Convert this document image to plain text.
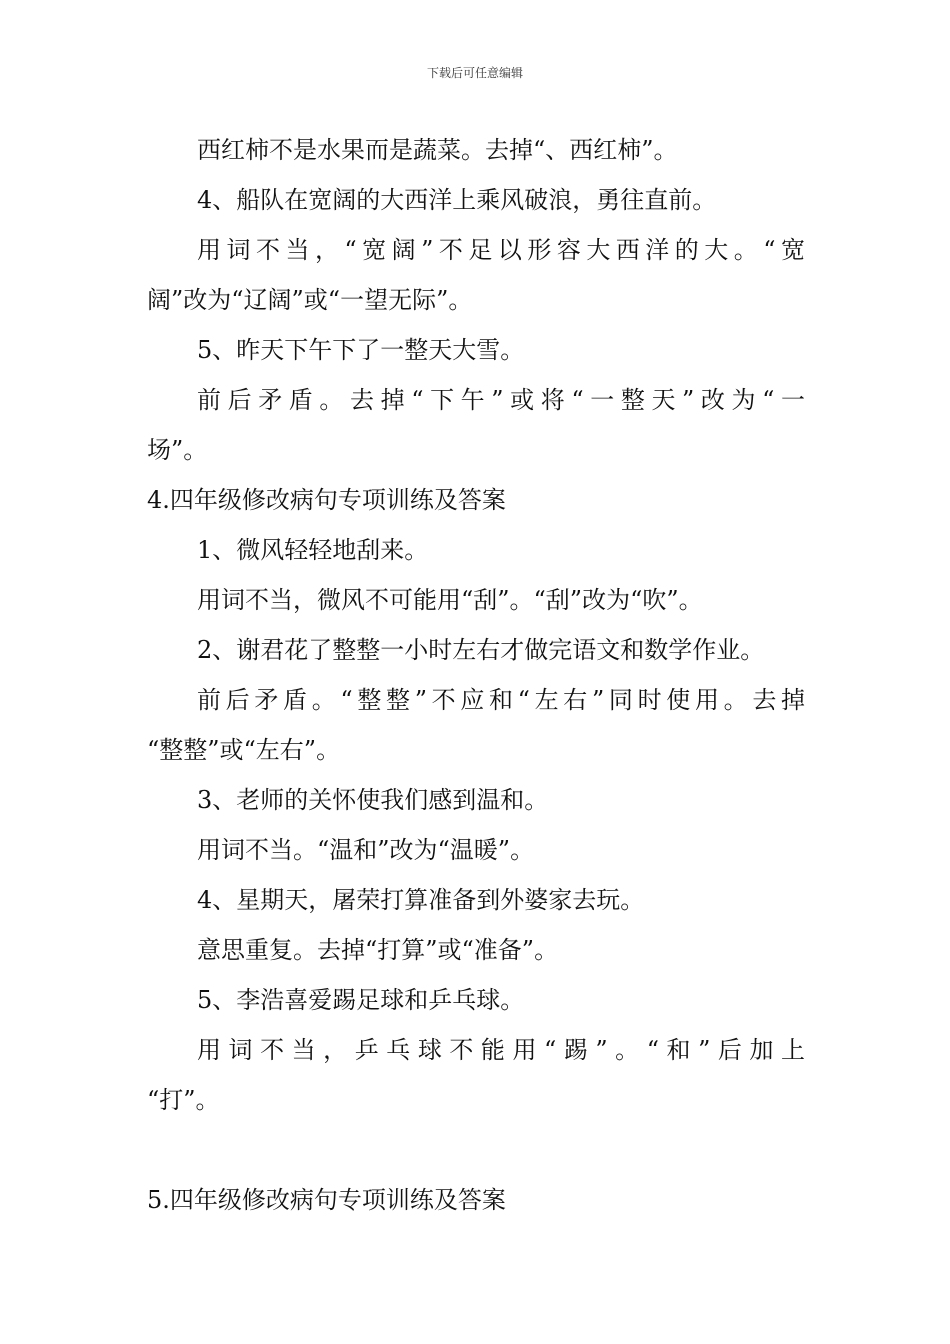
下载后可任意编辑
西红柿不是水果而是蔬菜。去掉“、西红柿”。
4、船队在宽阔的大西洋上乘风破浪，勇往直前。
用词不当，“宽阔”不足以形容大西洋的大。“宽
阔”改为“辽阔”或“一望无际”。
5、昨天下午下了一整天大雪。
前后矛盾。去掉“下午”或将“一整天”改为“一
场”。
4.四年级修改病句专项训练及答案
1、微风轻轻地刮来。
用词不当，微风不可能用“刮”。“刮”改为“吹”。
2、谢君花了整整一小时左右才做完语文和数学作业。
前后矛盾。“整整”不应和“左右”同时使用。去掉
“整整”或“左右”。
3、老师的关怀使我们感到温和。
用词不当。“温和”改为“温暖”。
4、星期天，屠荣打算准备到外婆家去玩。
意思重复。去掉“打算”或“准备”。
5、李浩喜爱踢足球和乒乓球。
用词不当，乒乓球不能用“踢”。“和”后加上
“打”。
5.四年级修改病句专项训练及答案
